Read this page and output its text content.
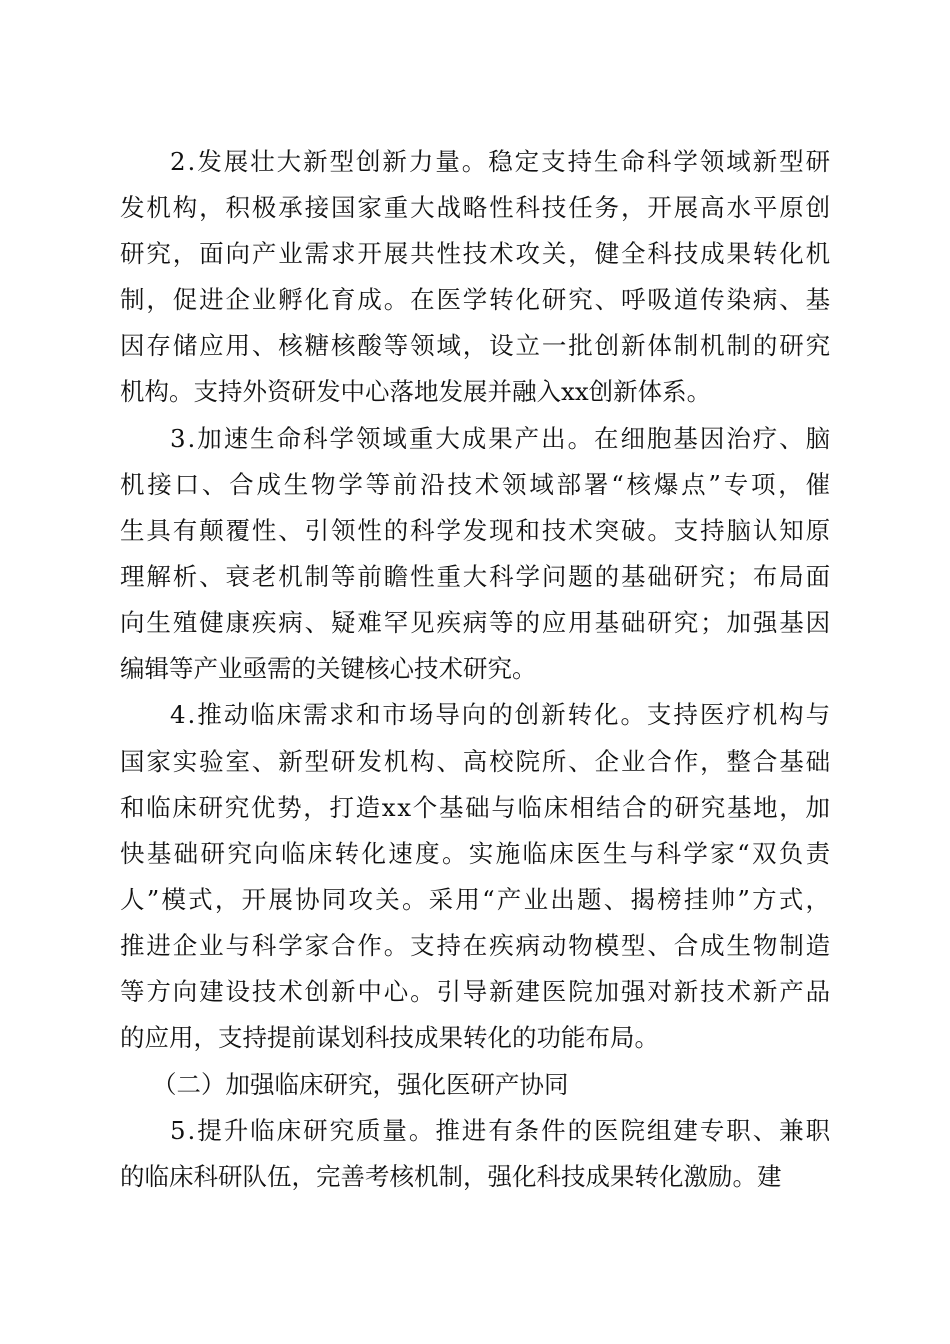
2.发展壮大新型创新力量。稳定支持生命科学领域新型研
发机构，积极承接国家重大战略性科技任务，开展高水平原创
研究，面向产业需求开展共性技术攻关，健全科技成果转化机
制，促进企业孵化育成。在医学转化研究、呼吸道传染病、基
因存储应用、核糖核酸等领域，设立一批创新体制机制的研究
机构。支持外资研发中心落地发展并融入xx创新体系。
3.加速生命科学领域重大成果产出。在细胞基因治疗、脑
机接口、合成生物学等前沿技术领域部署“核爆点”专项，催
生具有颠覆性、引领性的科学发现和技术突破。支持脑认知原
理解析、衰老机制等前瞻性重大科学问题的基础研究；布局面
向生殖健康疾病、疑难罕见疾病等的应用基础研究；加强基因
编辑等产业亟需的关键核心技术研究。
4.推动临床需求和市场导向的创新转化。支持医疗机构与
国家实验室、新型研发机构、高校院所、企业合作，整合基础
和临床研究优势，打造xx个基础与临床相结合的研究基地，加
快基础研究向临床转化速度。实施临床医生与科学家“双负责
人”模式，开展协同攻关。采用“产业出题、揭榜挂帅”方式，
推进企业与科学家合作。支持在疾病动物模型、合成生物制造
等方向建设技术创新中心。引导新建医院加强对新技术新产品
的应用，支持提前谋划科技成果转化的功能布局。
（二）加强临床研究，强化医研产协同
5.提升临床研究质量。推进有条件的医院组建专职、兼职
的临床科研队伍，完善考核机制，强化科技成果转化激励。建
